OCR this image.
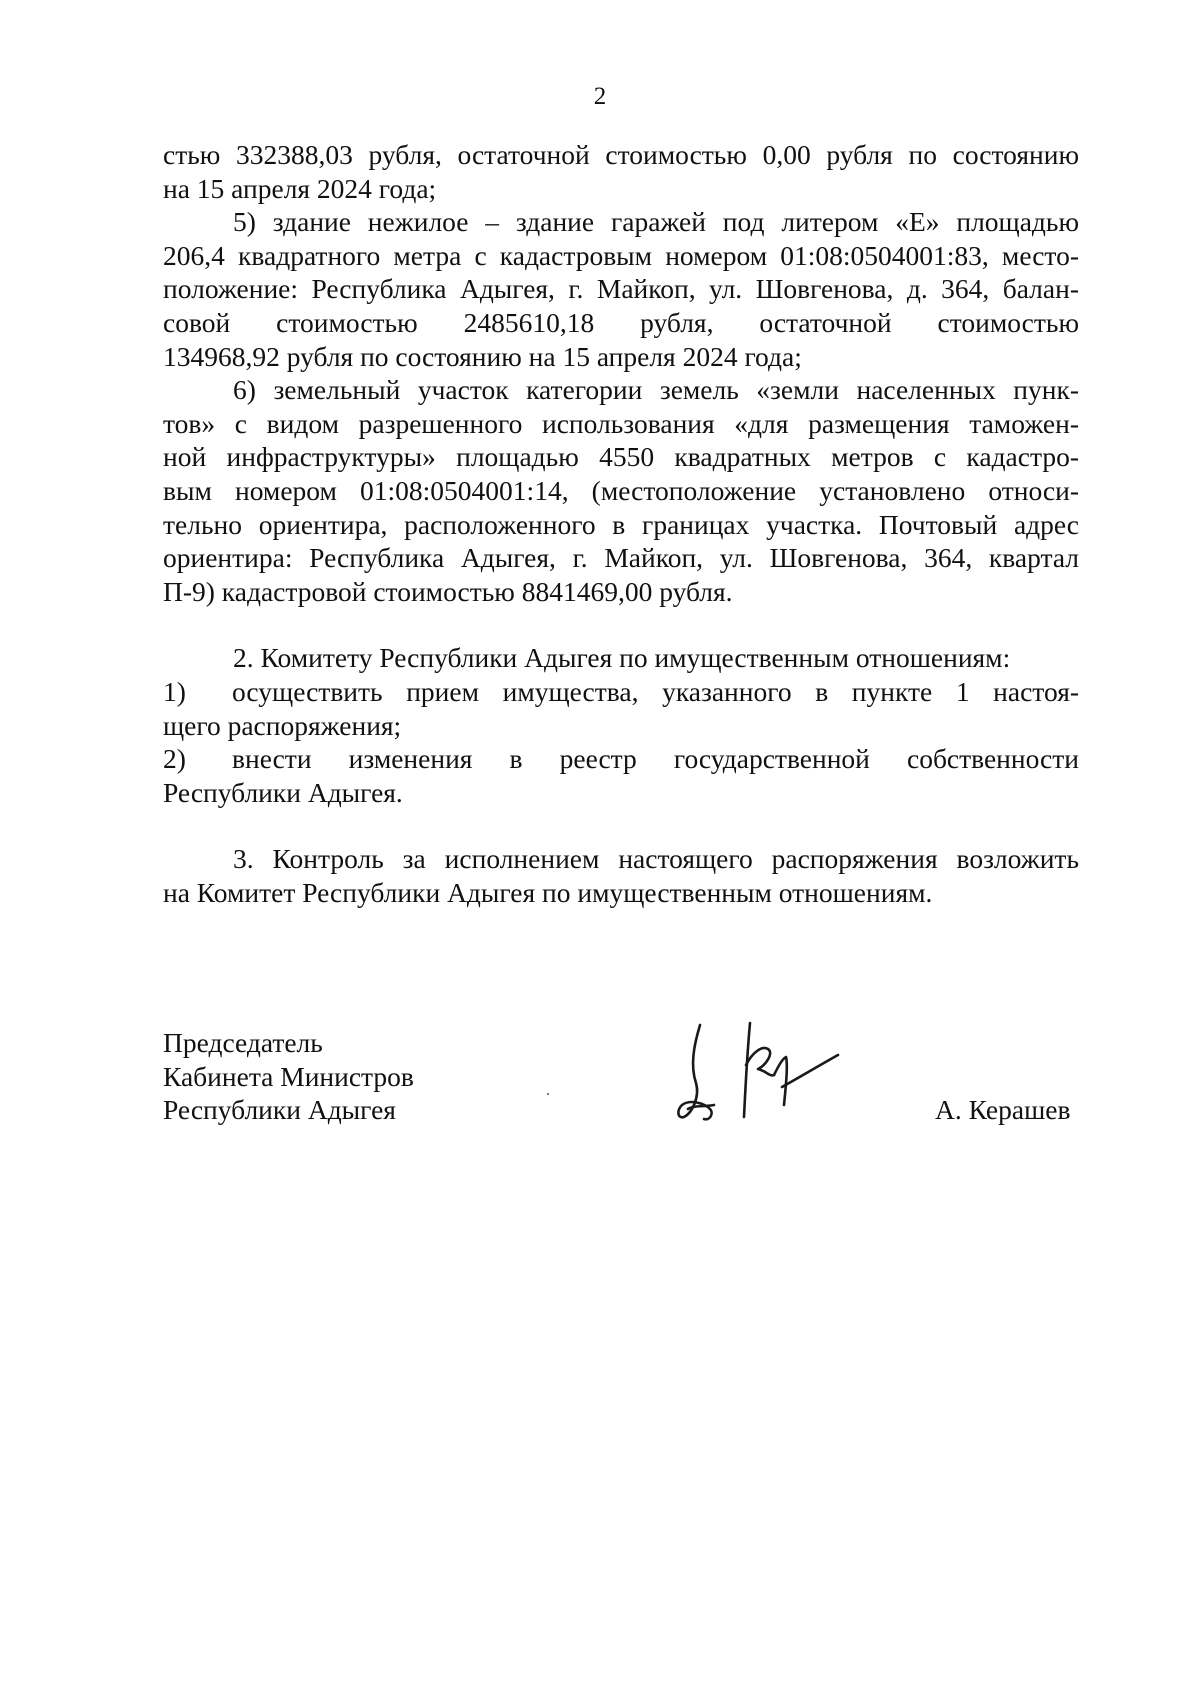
2

стью 332388,03 рубля, остаточной стоимостью 0,00 рубля по состоянию
на 15 апреля 2024 года;

5) здание нежилое – здание гаражей под литером «Е» площадью
206,4 квадратного метра с кадастровым номером 01:08:0504001:83, место-
положение: Республика Адыгея, г. Майкоп, ул. Шовгенова, д. 364, балан-
совой стоимостью 2485610,18 рубля, остаточной стоимостью
134968,92 рубля по состоянию на 15 апреля 2024 года;

6) земельный участок категории земель «земли населенных пунк-
тов» с видом разрешенного использования «для размещения таможен-
ной инфраструктуры» площадью 4550 квадратных метров с кадастро-
вым номером 01:08:0504001:14, (местоположение установлено относи-
тельно ориентира, расположенного в границах участка. Почтовый адрес
ориентира: Республика Адыгея, г. Майкоп, ул. Шовгенова, 364, квартал
П-9) кадастровой стоимостью 8841469,00 рубля.

2. Комитету Республики Адыгея по имущественным отношениям:

1)	осуществить прием имущества, указанного в пункте 1 настоя-
щего распоряжения;

2)	внести изменения в реестр государственной собственности
Республики Адыгея.

3. Контроль за исполнением настоящего распоряжения возложить
на Комитет Республики Адыгея по имущественным отношениям.

Председатель
Кабинета Министров
Республики Адыгея	А. Керашев
